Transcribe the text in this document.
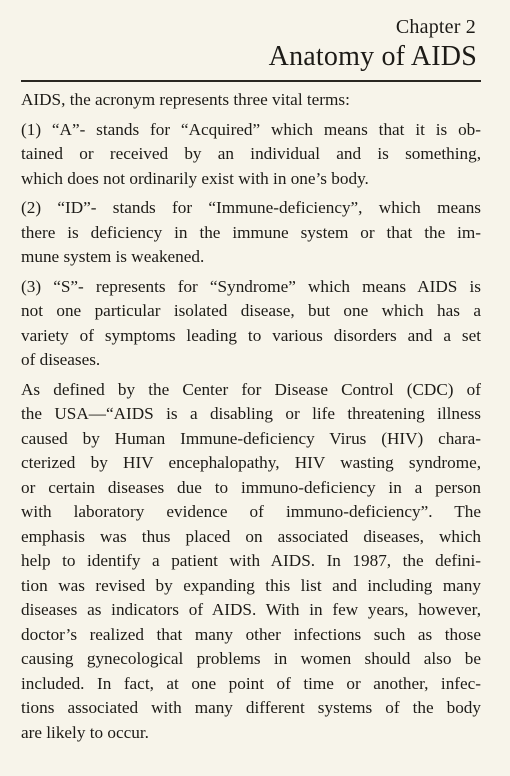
Chapter 2
Anatomy of AIDS

AIDS, the acronym represents three vital terms:

(1) “A”- stands for “Acquired” which means that it is ob-
tained or received by an individual and is something,
which does not ordinarily exist with in one’s body.

(2) “ID”- stands for “Immune-deficiency”, which means
there is deficiency in the immune system or that the im-
mune system is weakened.

(3) “S”- represents for “Syndrome” which means AIDS is
not one particular isolated disease, but one which has a
variety of symptoms leading to various disorders and a set
of diseases.

As defined by the Center for Disease Control (CDC) of
the USA—“AIDS is a disabling or life threatening illness
caused by Human Immune-deficiency Virus (HIV) chara-
cterized by HIV encephalopathy, HIV wasting syndrome,
or certain diseases due to immuno-deficiency in a person
with laboratory evidence of immuno-deficiency”. The
emphasis was thus placed on associated diseases, which
help to identify a patient with AIDS. In 1987, the defini-
tion was revised by expanding this list and including many
diseases as indicators of AIDS. With in few years, however,
doctor’s realized that many other infections such as those
causing gynecological problems in women should also be
included. In fact, at one point of time or another, infec-
tions associated with many different systems of the body
are likely to occur.
